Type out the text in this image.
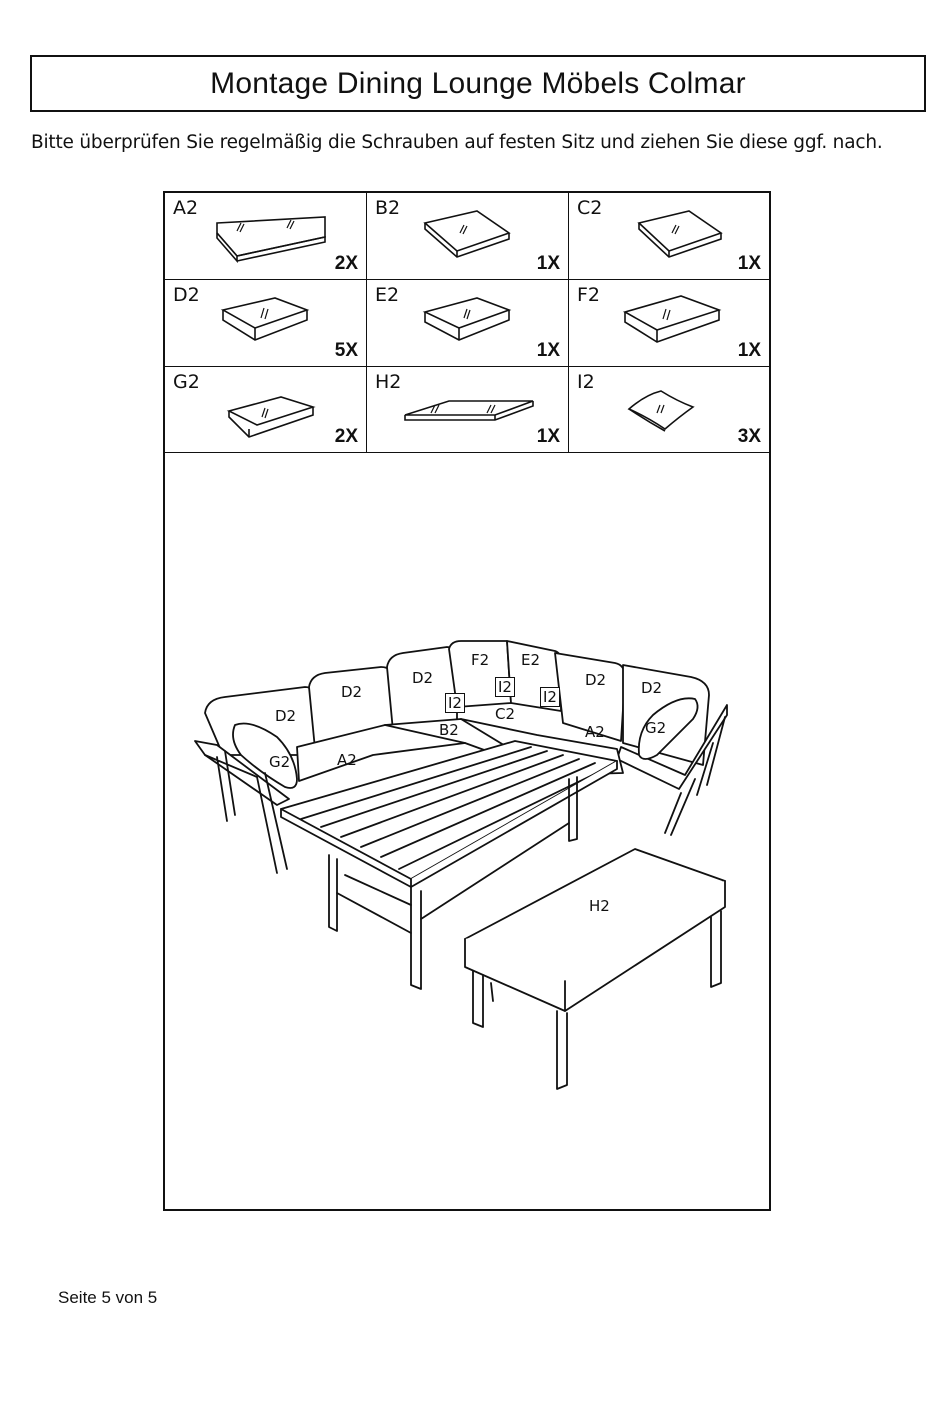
Montage Dining Lounge Möbels Colmar
Bitte überprüfen Sie regelmäßig die Schrauben auf festen Sitz und ziehen Sie diese ggf. nach.
A2
2X
B2
1X
C2
1X
D2
5X
E2
1X
F2
1X
G2
2X
H2
1X
I2
3X
D2
D2
D2
F2 E2
D2 D2
I2
I2
I2
C2
B2	A2
A2
G2
G2
H2
Seite 5 von 5
